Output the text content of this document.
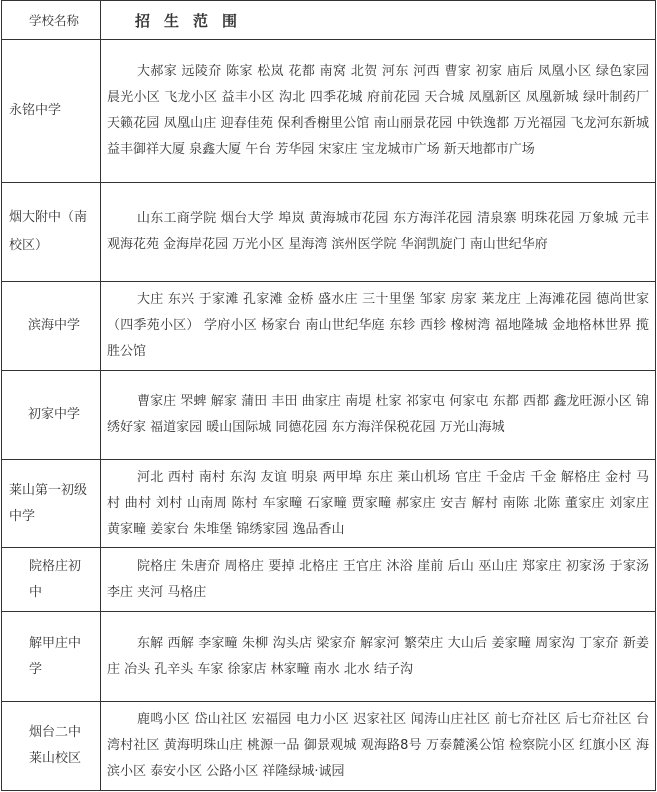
学校名称	招生范围
永铭中学	大郝家 远陵夼 陈家 松岚 花都 南窝 北贺 河东 河西 曹家 初家 庙后 凤凰小区 绿色家园 晨光小区 飞龙小区 益丰小区 沟北 四季花城 府前花园 天合城 凤凰新区 凤凰新城 绿叶制药厂 天籁花园 凤凰山庄 迎春佳苑 保利香榭里公馆 南山丽景花园 中铁逸都 万光福园 飞龙河东新城 益丰御祥大厦 泉鑫大厦 午台 芳华园 宋家庄 宝龙城市广场 新天地都市广场
烟大附中（南校区）	山东工商学院 烟台大学 埠岚 黄海城市花园 东方海洋花园 清泉寨 明珠花园 万象城 元丰观海花苑 金海岸花园 万光小区 星海湾 滨州医学院 华润凯旋门 南山世纪华府
滨海中学	大庄 东兴 于家滩 孔家滩 金桥 盛水庄 三十里堡 邹家 房家 莱龙庄 上海滩花园 德尚世家（四季苑小区） 学府小区 杨家台 南山世纪华庭 东轸 西轸 橡树湾 福地隆城 金地格林世界 揽胜公馆
初家中学	曹家庄 罘蜱 解家 蒲田 丰田 曲家庄 南堤 杜家 祁家屯 何家屯 东都 西都 鑫龙旺源小区 锦绣好家 福道家园 暖山国际城 同德花园 东方海洋保税花园 万光山海城
莱山第一初级中学	河北 西村 南村 东沟 友谊 明泉 两甲埠 东庄 莱山机场 官庄 千金店 千金 解格庄 金村 马村 曲村 刘村 山南周 陈村 车家疃 石家疃 贾家疃 郝家庄 安吉 解村 南陈 北陈 董家庄 刘家庄 黄家疃 姜家台 朱堆堡 锦绣家园 逸品香山
院格庄初中	院格庄 朱唐夼 周格庄 要掉 北格庄 王官庄 沐浴 崖前 后山 巫山庄 郑家庄 初家汤 于家汤 李庄 夹河 马格庄
解甲庄中学	东解 西解 李家疃 朱柳 沟头店 梁家夼 解家河 繁荣庄 大山后 姜家疃 周家沟 丁家夼 新姜庄 冶头 孔辛头 车家 徐家店 林家疃 南水 北水 结子沟
烟台二中莱山校区	鹿鸣小区 岱山社区 宏福园 电力小区 迟家社区 闻涛山庄社区 前七夼社区 后七夼社区 台湾村社区 黄海明珠山庄 桃源一品 御景观城 观海路8号 万泰麓溪公馆 检察院小区 红旗小区 海滨小区 泰安小区 公路小区 祥隆绿城·诚园
